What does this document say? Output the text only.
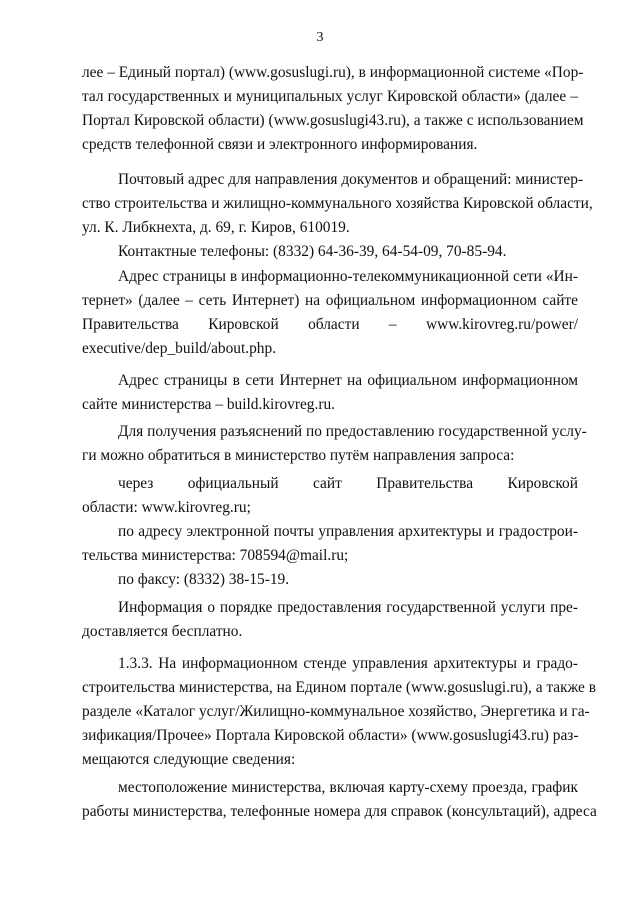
3
лее – Единый портал) (www.gosuslugi.ru), в информационной системе «Пор-
тал государственных и муниципальных услуг Кировской области» (далее –
Портал Кировской области) (www.gosuslugi43.ru), а также с использованием
средств телефонной связи и электронного информирования.
Почтовый адрес для направления документов и обращений: министер-
ство строительства и жилищно-коммунального хозяйства Кировской области,
ул. К. Либкнехта, д. 69, г. Киров, 610019.
Контактные телефоны: (8332) 64-36-39, 64-54-09, 70-85-94.
Адрес страницы в информационно-телекоммуникационной сети «Ин-
тернет» (далее – сеть Интернет) на официальном информационном сайте
Правительства Кировской области – www.kirovreg.ru/power/
executive/dep_build/about.php.
Адрес страницы в сети Интернет на официальном информационном
сайте министерства – build.kirovreg.ru.
Для получения разъяснений по предоставлению государственной услу-
ги можно обратиться в министерство путём направления запроса:
через официальный сайт Правительства Кировской
области: www.kirovreg.ru;
по адресу электронной почты управления архитектуры и градострои-
тельства министерства: 708594@mail.ru;
по факсу: (8332) 38-15-19.
Информация о порядке предоставления государственной услуги пре-
доставляется бесплатно.
1.3.3. На информационном стенде управления архитектуры и градо-
строительства министерства, на Едином портале (www.gosuslugi.ru), а также в
разделе «Каталог услуг/Жилищно-коммунальное хозяйство, Энергетика и га-
зификация/Прочее» Портала Кировской области» (www.gosuslugi43.ru) раз-
мещаются следующие сведения:
местоположение министерства, включая карту-схему проезда, график
работы министерства, телефонные номера для справок (консультаций), адреса
